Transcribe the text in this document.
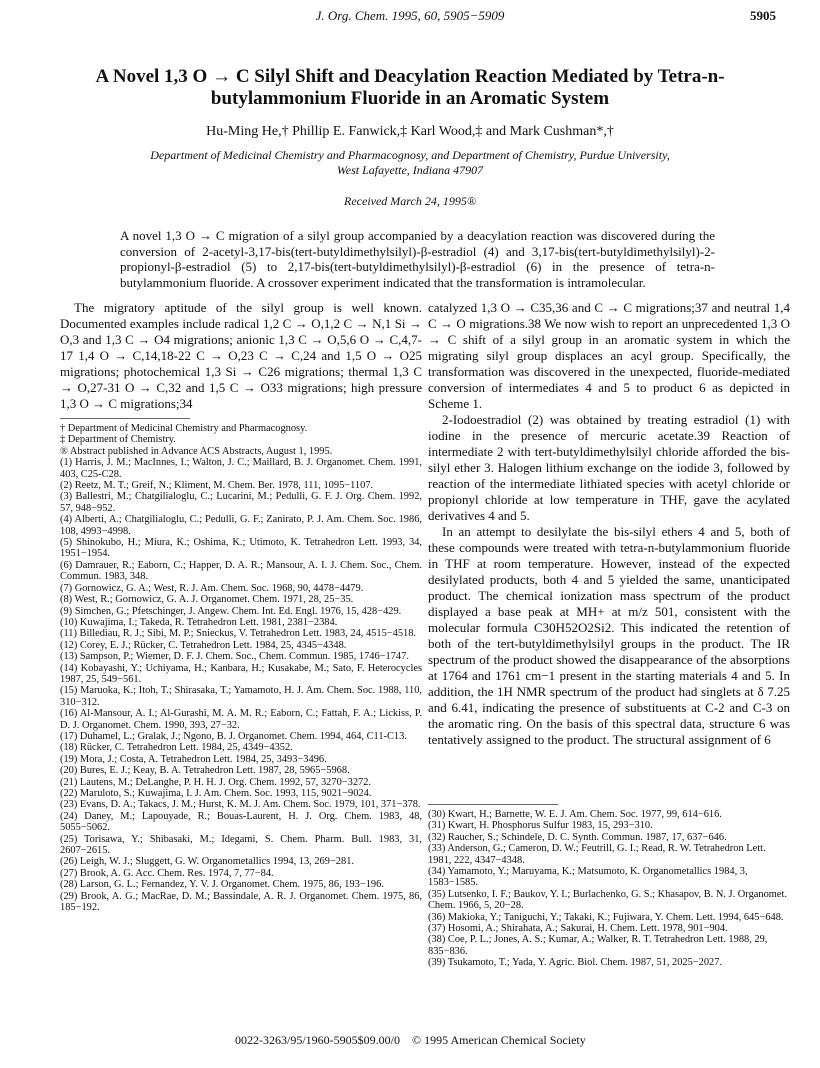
J. Org. Chem. 1995, 60, 5905−5909	5905
A Novel 1,3 O → C Silyl Shift and Deacylation Reaction Mediated by Tetra-n-butylammonium Fluoride in an Aromatic System
Hu-Ming He,† Phillip E. Fanwick,‡ Karl Wood,‡ and Mark Cushman*,†
Department of Medicinal Chemistry and Pharmacognosy, and Department of Chemistry, Purdue University, West Lafayette, Indiana 47907
Received March 24, 1995®
A novel 1,3 O → C migration of a silyl group accompanied by a deacylation reaction was discovered during the conversion of 2-acetyl-3,17-bis(tert-butyldimethylsilyl)-β-estradiol (4) and 3,17-bis(tert-butyldimethylsilyl)-2-propionyl-β-estradiol (5) to 2,17-bis(tert-butyldimethylsilyl)-β-estradiol (6) in the presence of tetra-n-butylammonium fluoride. A crossover experiment indicated that the transformation is intramolecular.

The migratory aptitude of the silyl group is well known. Documented examples include radical 1,2 C → O,1,2 C → N,1 Si → O,3 and 1,3 C → O4 migrations; anionic 1,3 C → O,5,6 O → C,4,7-17 1,4 O → C,14,18-22 C → O,23 C → C,24 and 1,5 O → O25 migrations; photochemical 1,3 Si → C26 migrations; thermal 1,3 C → O,27-31 O → C,32 and 1,5 C → O33 migrations; high pressure 1,3 O → C migrations;34

† Department of Medicinal Chemistry and Pharmacognosy.
‡ Department of Chemistry.
® Abstract published in Advance ACS Abstracts, August 1, 1995.
(1) Harris, J. M.; MacInnes, I.; Walton, J. C.; Maillard, B. J. Organomet. Chem. 1991, 403, C25-C28.
(2) Reetz, M. T.; Greif, N.; Kliment, M. Chem. Ber. 1978, 111, 1095−1107.
(3) Ballestri, M.; Chatgilialoglu, C.; Lucarini, M.; Pedulli, G. F. J. Org. Chem. 1992, 57, 948−952.
(4) Alberti, A.; Chatgilialoglu, C.; Pedulli, G. F.; Zanirato, P. J. Am. Chem. Soc. 1986, 108, 4993−4998.
(5) Shinokubo, H.; Miura, K.; Oshima, K.; Utimoto, K. Tetrahedron Lett. 1993, 34, 1951−1954.
(6) Damrauer, R.; Eaborn, C.; Happer, D. A. R.; Mansour, A. I. J. Chem. Soc., Chem. Commun. 1983, 348.
(7) Gornowicz, G. A.; West, R. J. Am. Chem. Soc. 1968, 90, 4478−4479.
(8) West, R.; Gornowicz, G. A. J. Organomet. Chem. 1971, 28, 25−35.
(9) Simchen, G.; Pfetschinger, J. Angew. Chem. Int. Ed. Engl. 1976, 15, 428−429.
(10) Kuwajima, I.; Takeda, R. Tetrahedron Lett. 1981, 2381−2384.
(11) Billediau, R. J.; Sibi, M. P.; Snieckus, V. Tetrahedron Lett. 1983, 24, 4515−4518.
(12) Corey, E. J.; Rücker, C. Tetrahedron Lett. 1984, 25, 4345−4348.
(13) Sampson, P.; Wiemer, D. F. J. Chem. Soc., Chem. Commun. 1985, 1746−1747.
(14) Kobayashi, Y.; Uchiyama, H.; Kanbara, H.; Kusakabe, M.; Sato, F. Heterocycles 1987, 25, 549−561.
(15) Maruoka, K.; Itoh, T.; Shirasaka, T.; Yamamoto, H. J. Am. Chem. Soc. 1988, 110, 310−312.
(16) Al-Mansour, A. I.; Al-Gurashi, M. A. M. R.; Eaborn, C.; Fattah, F. A.; Lickiss, P. D. J. Organomet. Chem. 1990, 393, 27−32.
(17) Duhamel, L.; Gralak, J.; Ngono, B. J. Organomet. Chem. 1994, 464, C11-C13.
(18) Rücker, C. Tetrahedron Lett. 1984, 25, 4349−4352.
(19) Mora, J.; Costa, A. Tetrahedron Lett. 1984, 25, 3493−3496.
(20) Bures, E. J.; Keay, B. A. Tetrahedron Lett. 1987, 28, 5965−5968.
(21) Lautens, M.; DeLanghe, P. H. H. J. Org. Chem. 1992, 57, 3270−3272.
(22) Maruloto, S.; Kuwajima, I. J. Am. Chem. Soc. 1993, 115, 9021−9024.
(23) Evans, D. A.; Takacs, J. M.; Hurst, K. M. J. Am. Chem. Soc. 1979, 101, 371−378.
(24) Daney, M.; Lapouyade, R.; Bouas-Laurent, H. J. Org. Chem. 1983, 48, 5055−5062.
(25) Torisawa, Y.; Shibasaki, M.; Idegami, S. Chem. Pharm. Bull. 1983, 31, 2607−2615.
(26) Leigh, W. J.; Sluggett, G. W. Organometallics 1994, 13, 269−281.
(27) Brook, A. G. Acc. Chem. Res. 1974, 7, 77−84.
(28) Larson, G. L.; Fernandez, Y. V. J. Organomet. Chem. 1975, 86, 193−196.
(29) Brook, A. G.; MacRae, D. M.; Bassindale, A. R. J. Organomet. Chem. 1975, 86, 185−192.

catalyzed 1,3 O → C35,36 and C → C migrations;37 and neutral 1,4 C → O migrations.38 We now wish to report an unprecedented 1,3 O → C shift of a silyl group in an aromatic system in which the migrating silyl group displaces an acyl group. Specifically, the transformation was discovered in the unexpected, fluoride-mediated conversion of intermediates 4 and 5 to product 6 as depicted in Scheme 1.

2-Iodoestradiol (2) was obtained by treating estradiol (1) with iodine in the presence of mercuric acetate.39 Reaction of intermediate 2 with tert-butyldimethylsilyl chloride afforded the bis-silyl ether 3. Halogen lithium exchange on the iodide 3, followed by reaction of the intermediate lithiated species with acetyl chloride or propionyl chloride at low temperature in THF, gave the acylated derivatives 4 and 5.

In an attempt to desilylate the bis-silyl ethers 4 and 5, both of these compounds were treated with tetra-n-butylammonium fluoride in THF at room temperature. However, instead of the expected desilylated products, both 4 and 5 yielded the same, unanticipated product. The chemical ionization mass spectrum of the product displayed a base peak at MH+ at m/z 501, consistent with the molecular formula C30H52O2Si2. This indicated the retention of both of the tert-butyldimethylsilyl groups in the product. The IR spectrum of the product showed the disappearance of the absorptions at 1764 and 1761 cm−1 present in the starting materials 4 and 5. In addition, the 1H NMR spectrum of the product had singlets at δ 7.25 and 6.41, indicating the presence of substituents at C-2 and C-3 on the aromatic ring. On the basis of this spectral data, structure 6 was tentatively assigned to the product. The structural assignment of 6

(30) Kwart, H.; Barnette, W. E. J. Am. Chem. Soc. 1977, 99, 614−616.
(31) Kwart, H. Phosphorus Sulfur 1983, 15, 293−310.
(32) Raucher, S.; Schindele, D. C. Synth. Commun. 1987, 17, 637−646.
(33) Anderson, G.; Cameron, D. W.; Feutrill, G. I.; Read, R. W. Tetrahedron Lett. 1981, 222, 4347−4348.
(34) Yamamoto, Y.; Maruyama, K.; Matsumoto, K. Organometallics 1984, 3, 1583−1585.
(35) Lutsenko, I. F.; Baukov, Y. I.; Burlachenko, G. S.; Khasapov, B. N. J. Organomet. Chem. 1966, 5, 20−28.
(36) Makioka, Y.; Taniguchi, Y.; Takaki, K.; Fujiwara, Y. Chem. Lett. 1994, 645−648.
(37) Hosomi, A.; Shirahata, A.; Sakurai, H. Chem. Lett. 1978, 901−904.
(38) Coe, P. L.; Jones, A. S.; Kumar, A.; Walker, R. T. Tetrahedron Lett. 1988, 29, 835−836.
(39) Tsukamoto, T.; Yada, Y. Agric. Biol. Chem. 1987, 51, 2025−2027.
0022-3263/95/1960-5905$09.00/0 © 1995 American Chemical Society
